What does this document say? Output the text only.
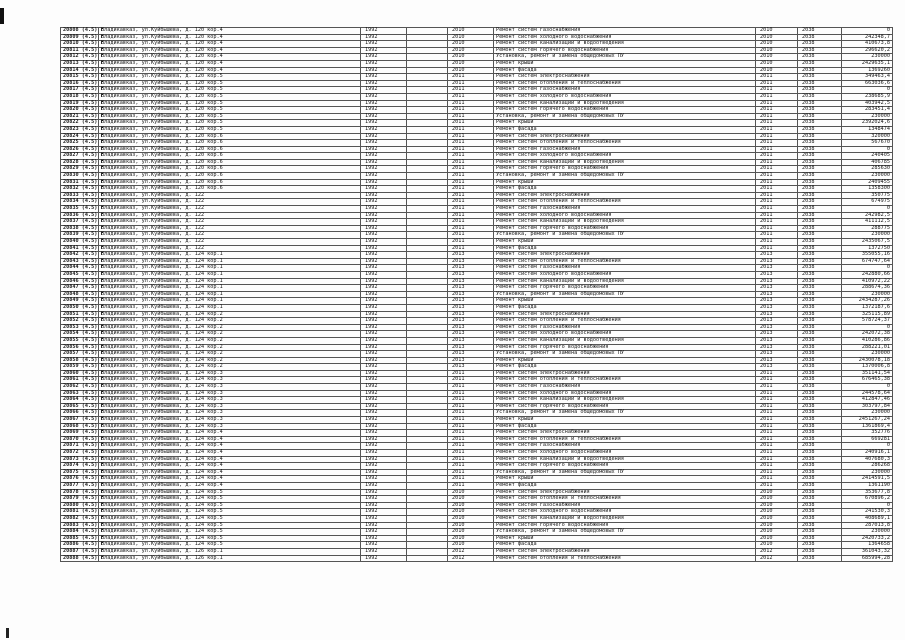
20808 (4.5) г	Владикавказ, ул.Куйбышева, д. 120 кор.4	1992		2010	Ремонт систем газоснабжения	2010	2038	0
20809 (4.5) г	Владикавказ, ул.Куйбышева, д. 120 кор.4	1992		2010	Ремонт систем холодного водоснабжения	2010	2038	242348,7
20810 (4.5) г	Владикавказ, ул.Куйбышева, д. 120 кор.4	1992		2010	Ремонт систем канализации и водоотведения	2010	2038	410673,8
20811 (4.5) г	Владикавказ, ул.Куйбышева, д. 120 кор.4	1992		2010	Ремонт систем горячего водоснабжения	2010	2038	296620,2
20812 (4.5) г	Владикавказ, ул.Куйбышева, д. 120 кор.4	1992		2010	Установка, ремонт и замена общедомовых ПУ	2010	2038	230000
20813 (4.5) г	Владикавказ, ул.Куйбышева, д. 120 кор.4	1992		2010	Ремонт крыши	2010	2038	2429635,1
20814 (4.5) г	Владикавказ, ул.Куйбышева, д. 120 кор.4	1992		2010	Ремонт фасада	2010	2038	1369260
20815 (4.5) г	Владикавказ, ул.Куйбышева, д. 120 кор.5	1992		2011	Ремонт систем электроснабжения	2011	2038	349463,4
20816 (4.5) г	Владикавказ, ул.Куйбышева, д. 120 кор.5	1992		2011	Ремонт систем отопления и теплоснабжения	2011	2038	663036,6
20817 (4.5) г	Владикавказ, ул.Куйбышева, д. 120 кор.5	1992		2011	Ремонт систем газоснабжения	2011	2038	0
20818 (4.5) г	Владикавказ, ул.Куйбышева, д. 120 кор.5	1992		2011	Ремонт систем холодного водоснабжения	2011	2038	238685,9
20819 (4.5) г	Владикавказ, ул.Куйбышева, д. 120 кор.5	1992		2011	Ремонт систем канализации и водоотведения	2011	2038	403942,5
20820 (4.5) г	Владикавказ, ул.Куйбышева, д. 120 кор.5	1992		2011	Ремонт систем горячего водоснабжения	2011	2038	283451,4
20821 (4.5) г	Владикавказ, ул.Куйбышева, д. 120 кор.5	1992		2011	Установка, ремонт и замена общедомовых ПУ	2011	2038	230000
20822 (4.5) г	Владикавказ, ул.Куйбышева, д. 120 кор.5	1992		2011	Ремонт крыши	2011	2038	2392024,6
20823 (4.5) г	Владикавказ, ул.Куйбышева, д. 120 кор.5	1992		2011	Ремонт фасада	2011	2038	1348474
20824 (4.5) г	Владикавказ, ул.Куйбышева, д. 120 кор.6	1992		2011	Ремонт систем электроснабжения	2011	2038	320000
20825 (4.5) г	Владикавказ, ул.Куйбышева, д. 120 кор.6	1992		2011	Ремонт систем отопления и теплоснабжения	2011	2038	567670
20826 (4.5) г	Владикавказ, ул.Куйбышева, д. 120 кор.6	1992		2011	Ремонт систем газоснабжения	2011	2038	0
20827 (4.5) г	Владикавказ, ул.Куйбышева, д. 120 кор.6	1992		2011	Ремонт систем холодного водоснабжения	2011	2038	240405
20828 (4.5) г	Владикавказ, ул.Куйбышева, д. 120 кор.6	1992		2011	Ремонт систем канализации и водоотведения	2011	2038	406785
20829 (4.5) г	Владикавказ, ул.Куйбышева, д. 120 кор.6	1992		2011	Ремонт систем горячего водоснабжения	2011	2038	285630
20830 (4.5) г	Владикавказ, ул.Куйбышева, д. 120 кор.6	1992		2011	Установка, ремонт и замена общедомовых ПУ	2011	2038	230000
20831 (4.5) г	Владикавказ, ул.Куйбышева, д. 120 кор.6	1992		2011	Ремонт крыши	2011	2038	2409455
20832 (4.5) г	Владикавказ, ул.Куйбышева, д. 120 кор.6	1992		2011	Ремонт фасада	2011	2038	1358300
20833 (4.5) г	Владикавказ, ул.Куйбышева, д. 122	1992		2011	Ремонт систем электроснабжения	2011	2038	350775
20834 (4.5) г	Владикавказ, ул.Куйбышева, д. 122	1992		2011	Ремонт систем отопления и теплоснабжения	2011	2038	674975
20835 (4.5) г	Владикавказ, ул.Куйбышева, д. 122	1992		2011	Ремонт систем газоснабжения	2011	2038	0
20836 (4.5) г	Владикавказ, ул.Куйбышева, д. 122	1992		2011	Ремонт систем холодного водоснабжения	2011	2038	242982,5
20837 (4.5) г	Владикавказ, ул.Куйбышева, д. 122	1992		2011	Ремонт систем канализации и водоотведения	2011	2038	411112,5
20838 (4.5) г	Владикавказ, ул.Куйбышева, д. 122	1992		2011	Ремонт систем горячего водоснабжения	2011	2038	288775
20839 (4.5) г	Владикавказ, ул.Куйбышева, д. 122	1992		2011	Установка, ремонт и замена общедомовых ПУ	2011	2038	230000
20840 (4.5) г	Владикавказ, ул.Куйбышева, д. 122	1992		2011	Ремонт крыши	2011	2038	2435067,5
20841 (4.5) г	Владикавказ, ул.Куйбышева, д. 122	1992		2011	Ремонт фасада	2011	2038	1372750
20842 (4.5) г	Владикавказ, ул.Куйбышева, д. 124 кор.1	1992		2013	Ремонт систем электроснабжения	2013	2038	355055,16
20843 (4.5) г	Владикавказ, ул.Куйбышева, д. 124 кор.1	1992		2013	Ремонт систем отопления и теплоснабжения	2013	2038	674747,64
20844 (4.5) г	Владикавказ, ул.Куйбышева, д. 124 кор.1	1992		2013	Ремонт систем газоснабжения	2013	2038	0
20845 (4.5) г	Владикавказ, ул.Куйбышева, д. 124 кор.1	1992		2013	Ремонт систем холодного водоснабжения	2013	2038	242880,66
20846 (4.5) г	Владикавказ, ул.Куйбышева, д. 124 кор.1	1992		2013	Ремонт систем канализации и водоотведения	2013	2038	410972,22
20847 (4.5) г	Владикавказ, ул.Куйбышева, д. 124 кор.1	1992		2013	Ремонт систем горячего водоснабжения	2013	2038	288674,36
20848 (4.5) г	Владикавказ, ул.Куйбышева, д. 124 кор.1	1992		2013	Установка, ремонт и замена общедомовых ПУ	2013	2038	230000
20849 (4.5) г	Владикавказ, ул.Куйбышева, д. 124 кор.1	1992		2013	Ремонт крыши	2013	2038	2434287,26
20850 (4.5) г	Владикавказ, ул.Куйбышева, д. 124 кор.1	1992		2013	Ремонт фасада	2013	2038	1372187,6
20851 (4.5) г	Владикавказ, ул.Куйбышева, д. 124 кор.2	1992		2013	Ремонт систем электроснабжения	2013	2038	325115,89
20852 (4.5) г	Владикавказ, ул.Куйбышева, д. 124 кор.2	1992		2013	Ремонт систем отопления и теплоснабжения	2013	2038	578724,37
20853 (4.5) г	Владикавказ, ул.Куйбышева, д. 124 кор.2	1992		2013	Ремонт систем газоснабжения	2013	2038	0
20854 (4.5) г	Владикавказ, ул.Куйбышева, д. 124 кор.2	1992		2013	Ремонт систем холодного водоснабжения	2013	2038	242072,38
20855 (4.5) г	Владикавказ, ул.Куйбышева, д. 124 кор.2	1992		2013	Ремонт систем канализации и водоотведения	2013	2038	410286,86
20856 (4.5) г	Владикавказ, ул.Куйбышева, д. 124 кор.2	1992		2013	Ремонт систем горячего водоснабжения	2013	2038	288221,01
20857 (4.5) г	Владикавказ, ул.Куйбышева, д. 124 кор.2	1992		2013	Установка, ремонт и замена общедомовых ПУ	2013	2038	230000
20858 (4.5) г	Владикавказ, ул.Куйбышева, д. 124 кор.2	1992		2013	Ремонт крыши	2013	2038	2430078,18
20859 (4.5) г	Владикавказ, ул.Куйбышева, д. 124 кор.2	1992		2013	Ремонт фасада	2013	2038	1370006,8
20860 (4.5) г	Владикавказ, ул.Куйбышева, д. 124 кор.3	1992		2011	Ремонт систем электроснабжения	2011	2038	351141,54
20861 (4.5) г	Владикавказ, ул.Куйбышева, д. 124 кор.3	1992		2011	Ремонт систем отопления и теплоснабжения	2011	2038	676465,38
20862 (4.5) г	Владикавказ, ул.Куйбышева, д. 124 кор.3	1992		2011	Ремонт систем газоснабжения	2011	2038	0
20863 (4.5) г	Владикавказ, ул.Куйбышева, д. 124 кор.3	1992		2011	Ремонт систем холодного водоснабжения	2011	2038	244578,64
20864 (4.5) г	Владикавказ, ул.Куйбышева, д. 124 кор.3	1992		2011	Ремонт систем канализации и водоотведения	2011	2038	412847,46
20865 (4.5) г	Владикавказ, ул.Куйбышева, д. 124 кор.3	1992		2011	Ремонт систем горячего водоснабжения	2011	2038	303797,84
20866 (4.5) г	Владикавказ, ул.Куйбышева, д. 124 кор.3	1992		2011	Установка, ремонт и замена общедомовых ПУ	2011	2038	230000
20867 (4.5) г	Владикавказ, ул.Куйбышева, д. 124 кор.3	1992		2011	Ремонт крыши	2011	2038	2451267,24
20868 (4.5) г	Владикавказ, ул.Куйбышева, д. 124 кор.3	1992		2011	Ремонт фасада	2011	2038	1361869,4
20869 (4.5) г	Владикавказ, ул.Куйбышева, д. 124 кор.4	1992		2011	Ремонт систем электроснабжения	2011	2038	352776
20870 (4.5) г	Владикавказ, ул.Куйбышева, д. 124 кор.4	1992		2011	Ремонт систем отопления и теплоснабжения	2011	2038	669281
20871 (4.5) г	Владикавказ, ул.Куйбышева, д. 124 кор.4	1992		2011	Ремонт систем газоснабжения	2011	2038	0
20872 (4.5) г	Владикавказ, ул.Куйбышева, д. 124 кор.4	1992		2011	Ремонт систем холодного водоснабжения	2011	2038	240916,1
20873 (4.5) г	Владикавказ, ул.Куйбышева, д. 124 кор.4	1992		2011	Ремонт систем канализации и водоотведения	2011	2038	407680,3
20874 (4.5) г	Владикавказ, ул.Куйбышева, д. 124 кор.4	1992		2011	Ремонт систем горячего водоснабжения	2011	2038	286268
20875 (4.5) г	Владикавказ, ул.Куйбышева, д. 124 кор.4	1992		2011	Установка, ремонт и замена общедомовых ПУ	2011	2038	230000
20876 (4.5) г	Владикавказ, ул.Куйбышева, д. 124 кор.4	1992		2011	Ремонт крыши	2011	2038	2414591,5
20877 (4.5) г	Владикавказ, ул.Куйбышева, д. 124 кор.4	1992		2011	Ремонт фасада	2011	2038	1361190
20878 (4.5) г	Владикавказ, ул.Куйбышева, д. 124 кор.5	1992		2010	Ремонт систем электроснабжения	2010	2038	353677,8
20879 (4.5) г	Владикавказ, ул.Куйбышева, д. 124 кор.5	1992		2010	Ремонт систем отопления и теплоснабжения	2010	2038	670896,2
20880 (4.5) г	Владикавказ, ул.Куйбышева, д. 124 кор.5	1992		2010	Ремонт систем газоснабжения	2010	2038	0
20881 (4.5) г	Владикавказ, ул.Куйбышева, д. 124 кор.5	1992		2010	Ремонт систем холодного водоснабжения	2010	2038	241530,3
20882 (4.5) г	Владикавказ, ул.Куйбышева, д. 124 кор.5	1992		2010	Ремонт систем канализации и водоотведения	2010	2038	408689,1
20883 (4.5) г	Владикавказ, ул.Куйбышева, д. 124 кор.5	1992		2010	Ремонт систем горячего водоснабжения	2010	2038	287013,8
20884 (4.5) г	Владикавказ, ул.Куйбышева, д. 124 кор.5	1992		2010	Установка, ремонт и замена общедомовых ПУ	2010	2038	230000
20885 (4.5) г	Владикавказ, ул.Куйбышева, д. 124 кор.5	1992		2010	Ремонт крыши	2010	2038	2420733,2
20886 (4.5) г	Владикавказ, ул.Куйбышева, д. 124 кор.5	1992		2010	Ремонт фасада	2010	2038	1364658
20887 (4.5) г	Владикавказ, ул.Куйбышева, д. 126 кор.1	1992		2012	Ремонт систем электроснабжения	2012	2038	361043,32
20888 (4.5) г	Владикавказ, ул.Куйбышева, д. 126 кор.1	1992		2012	Ремонт систем отопления и теплоснабжения	2012	2038	685994,28
